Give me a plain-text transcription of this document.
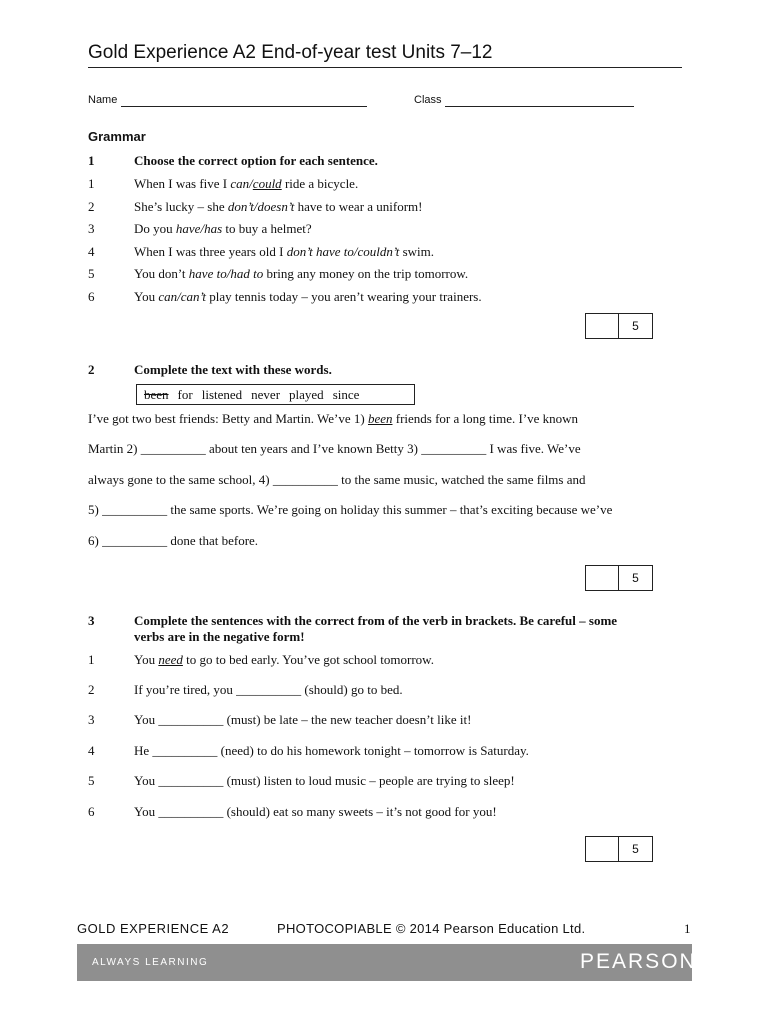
Gold Experience A2 End-of-year test Units 7–12
Name	Class
Grammar
1	Choose the correct option for each sentence.
1	When I was five I can/could ride a bicycle.
2	She’s lucky – she don’t/doesn’t have to wear a uniform!
3	Do you have/has to buy a helmet?
4	When I was three years old I don’t have to/couldn’t swim.
5	You don’t have to/had to bring any money on the trip tomorrow.
6	You can/can’t play tennis today – you aren’t wearing your trainers.
5
2	Complete the text with these words.
been for listened never played since
I’ve got two best friends: Betty and Martin. We’ve 1) been friends for a long time. I’ve known
Martin 2) __________ about ten years and I’ve known Betty 3) __________ I was five. We’ve
always gone to the same school, 4) __________ to the same music, watched the same films and
5) __________ the same sports. We’re going on holiday this summer – that’s exciting because we’ve
6) __________ done that before.
5
3	Complete the sentences with the correct from of the verb in brackets. Be careful – some
verbs are in the negative form!
1	You need to go to bed early. You’ve got school tomorrow.
2	If you’re tired, you __________ (should) go to bed.
3	You __________ (must) be late – the new teacher doesn’t like it!
4	He __________ (need) to do his homework tonight – tomorrow is Saturday.
5	You __________ (must) listen to loud music – people are trying to sleep!
6	You __________ (should) eat so many sweets – it’s not good for you!
5
GOLD EXPERIENCE A2	PHOTOCOPIABLE © 2014 Pearson Education Ltd.	1
ALWAYS LEARNING	PEARSON
